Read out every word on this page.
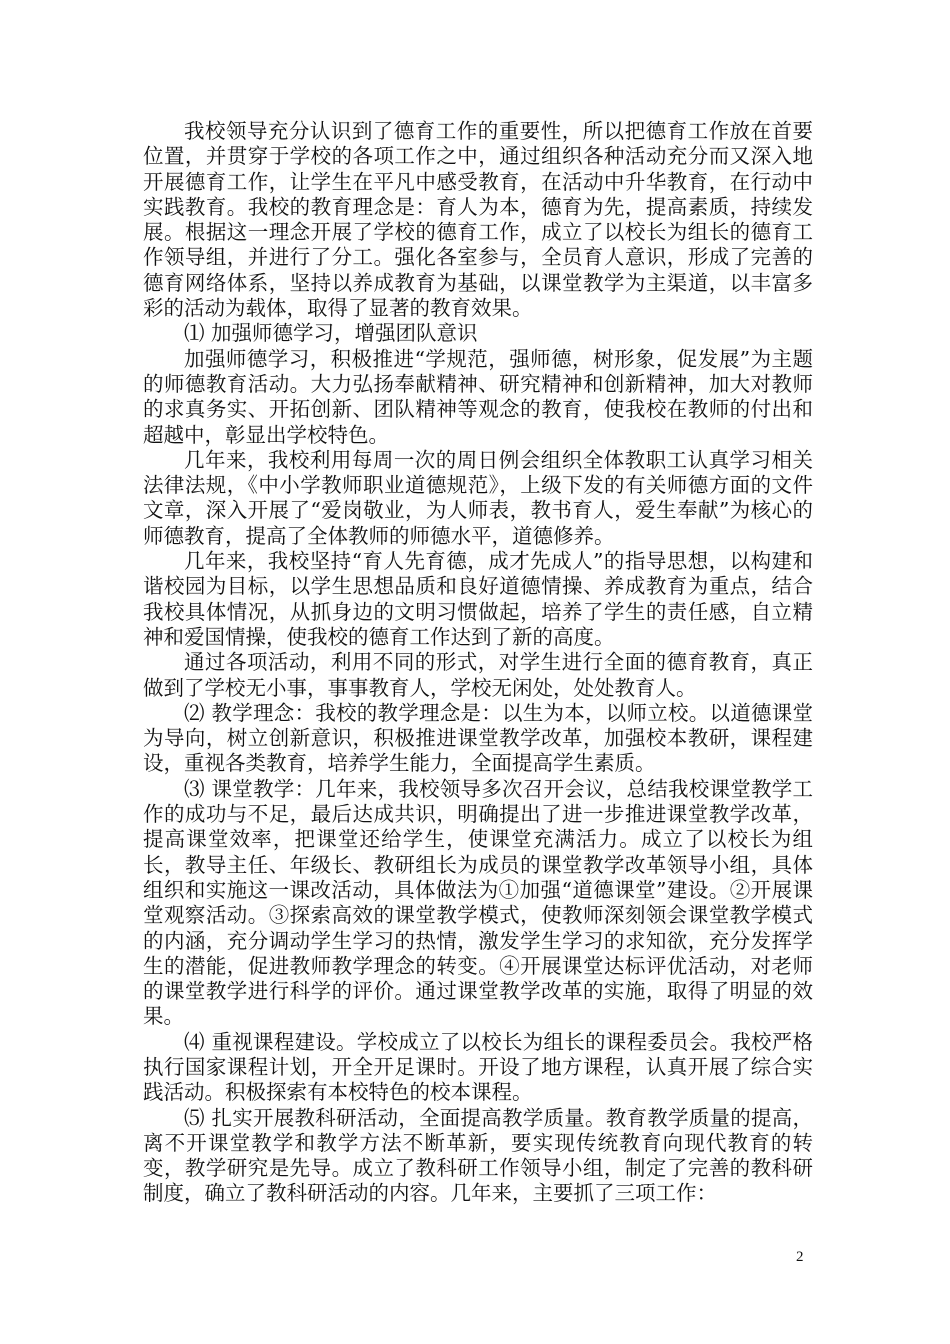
我校领导充分认识到了德育工作的重要性，所以把德育工作放在首要位置，并贯穿于学校的各项工作之中，通过组织各种活动充分而又深入地开展德育工作，让学生在平凡中感受教育，在活动中升华教育，在行动中实践教育。我校的教育理念是：育人为本，德育为先，提高素质，持续发展。根据这一理念开展了学校的德育工作，成立了以校长为组长的德育工作领导组，并进行了分工。强化各室参与，全员育人意识，形成了完善的德育网络体系，坚持以养成教育为基础，以课堂教学为主渠道，以丰富多彩的活动为载体，取得了显著的教育效果。

⑴ 加强师德学习，增强团队意识

加强师德学习，积极推进“学规范，强师德，树形象，促发展”为主题的师德教育活动。大力弘扬奉献精神、研究精神和创新精神，加大对教师的求真务实、开拓创新、团队精神等观念的教育，使我校在教师的付出和超越中，彰显出学校特色。

几年来，我校利用每周一次的周日例会组织全体教职工认真学习相关法律法规，《中小学教师职业道德规范》，上级下发的有关师德方面的文件文章，深入开展了“爱岗敬业，为人师表，教书育人，爱生奉献”为核心的师德教育，提高了全体教师的师德水平，道德修养。

几年来，我校坚持“育人先育德，成才先成人”的指导思想，以构建和谐校园为目标，以学生思想品质和良好道德情操、养成教育为重点，结合我校具体情况，从抓身边的文明习惯做起，培养了学生的责任感，自立精神和爱国情操，使我校的德育工作达到了新的高度。

通过各项活动，利用不同的形式，对学生进行全面的德育教育，真正做到了学校无小事，事事教育人，学校无闲处，处处教育人。

⑵ 教学理念：我校的教学理念是：以生为本，以师立校。以道德课堂为导向，树立创新意识，积极推进课堂教学改革，加强校本教研，课程建设，重视各类教育，培养学生能力，全面提高学生素质。

⑶ 课堂教学：几年来，我校领导多次召开会议，总结我校课堂教学工作的成功与不足，最后达成共识，明确提出了进一步推进课堂教学改革，提高课堂效率，把课堂还给学生，使课堂充满活力。成立了以校长为组长，教导主任、年级长、教研组长为成员的课堂教学改革领导小组，具体组织和实施这一课改活动，具体做法为①加强“道德课堂”建设。②开展课堂观察活动。③探索高效的课堂教学模式，使教师深刻领会课堂教学模式的内涵，充分调动学生学习的热情，激发学生学习的求知欲，充分发挥学生的潜能，促进教师教学理念的转变。④开展课堂达标评优活动，对老师的课堂教学进行科学的评价。通过课堂教学改革的实施，取得了明显的效果。

⑷ 重视课程建设。学校成立了以校长为组长的课程委员会。我校严格执行国家课程计划，开全开足课时。开设了地方课程，认真开展了综合实践活动。积极探索有本校特色的校本课程。

⑸ 扎实开展教科研活动，全面提高教学质量。教育教学质量的提高，离不开课堂教学和教学方法不断革新，要实现传统教育向现代教育的转变，教学研究是先导。成立了教科研工作领导小组，制定了完善的教科研制度，确立了教科研活动的内容。几年来，主要抓了三项工作：

2
